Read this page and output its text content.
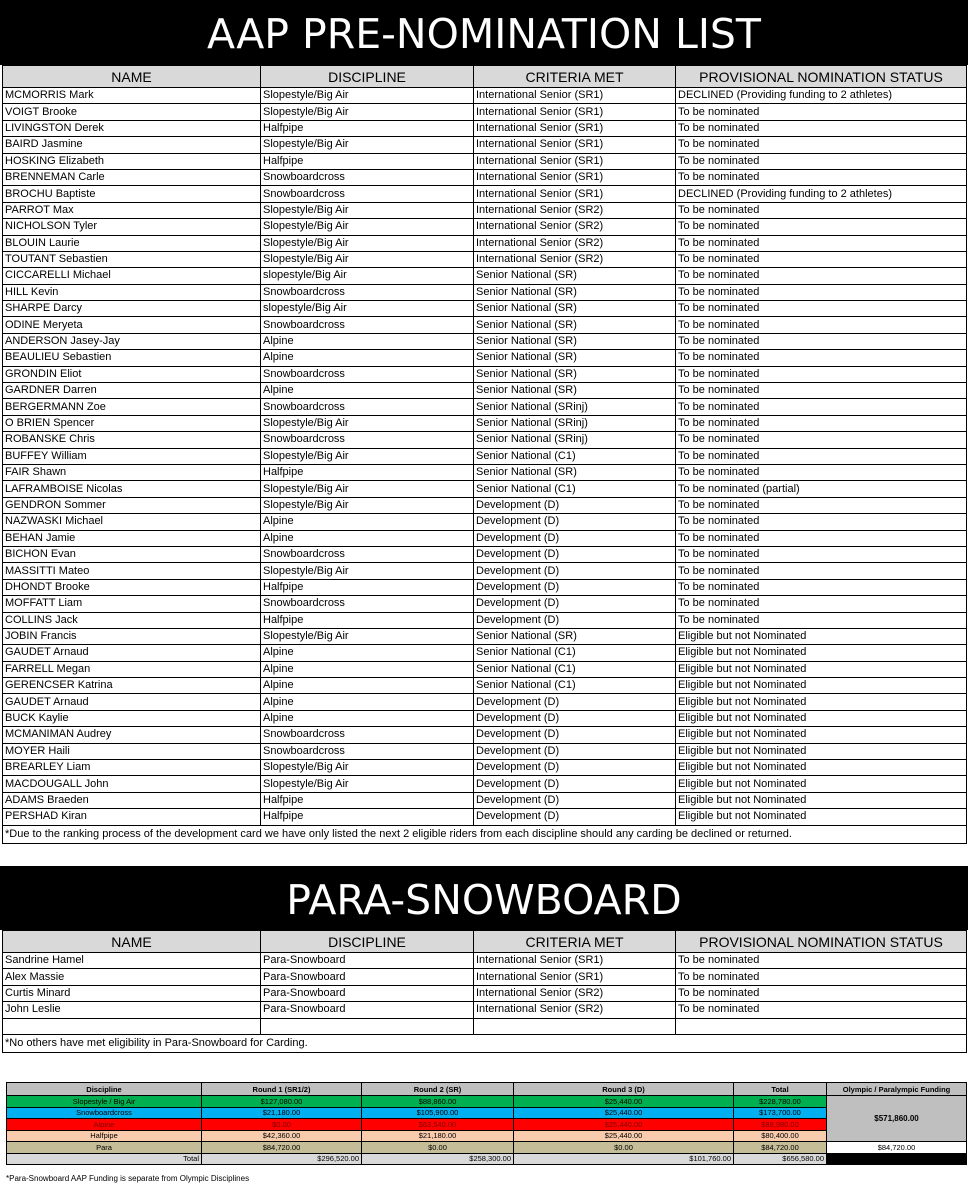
AAP PRE-NOMINATION LIST
NAME	DISCIPLINE	CRITERIA MET	PROVISIONAL NOMINATION STATUS
MCMORRIS Mark	Slopestyle/Big Air	International Senior (SR1)	DECLINED (Providing funding to 2 athletes)
VOIGT Brooke	Slopestyle/Big Air	International Senior (SR1)	To be nominated
LIVINGSTON Derek	Halfpipe	International Senior (SR1)	To be nominated
BAIRD Jasmine	Slopestyle/Big Air	International Senior (SR1)	To be nominated
HOSKING Elizabeth	Halfpipe	International Senior (SR1)	To be nominated
BRENNEMAN Carle	Snowboardcross	International Senior (SR1)	To be nominated
BROCHU Baptiste	Snowboardcross	International Senior (SR1)	DECLINED (Providing funding to 2 athletes)
PARROT Max	Slopestyle/Big Air	International Senior (SR2)	To be nominated
NICHOLSON Tyler	Slopestyle/Big Air	International Senior (SR2)	To be nominated
BLOUIN Laurie	Slopestyle/Big Air	International Senior (SR2)	To be nominated
TOUTANT Sebastien	Slopestyle/Big Air	International Senior (SR2)	To be nominated
CICCARELLI Michael	slopestyle/Big Air	Senior National (SR)	To be nominated
HILL Kevin	Snowboardcross	Senior National (SR)	To be nominated
SHARPE Darcy	slopestyle/Big Air	Senior National (SR)	To be nominated
ODINE Meryeta	Snowboardcross	Senior National (SR)	To be nominated
ANDERSON Jasey-Jay	Alpine	Senior National (SR)	To be nominated
BEAULIEU Sebastien	Alpine	Senior National (SR)	To be nominated
GRONDIN Eliot	Snowboardcross	Senior National (SR)	To be nominated
GARDNER Darren	Alpine	Senior National (SR)	To be nominated
BERGERMANN Zoe	Snowboardcross	Senior National (SRinj)	To be nominated
O BRIEN Spencer	Slopestyle/Big Air	Senior National (SRinj)	To be nominated
ROBANSKE Chris	Snowboardcross	Senior National (SRinj)	To be nominated
BUFFEY William	Slopestyle/Big Air	Senior National (C1)	To be nominated
FAIR Shawn	Halfpipe	Senior National (SR)	To be nominated
LAFRAMBOISE Nicolas	Slopestyle/Big Air	Senior National (C1)	To be nominated (partial)
GENDRON Sommer	Slopestyle/Big Air	Development (D)	To be nominated
NAZWASKI Michael	Alpine	Development (D)	To be nominated
BEHAN Jamie	Alpine	Development (D)	To be nominated
BICHON Evan	Snowboardcross	Development (D)	To be nominated
MASSITTI Mateo	Slopestyle/Big Air	Development (D)	To be nominated
DHONDT Brooke	Halfpipe	Development (D)	To be nominated
MOFFATT Liam	Snowboardcross	Development (D)	To be nominated
COLLINS Jack	Halfpipe	Development (D)	To be nominated
JOBIN Francis	Slopestyle/Big Air	Senior National (SR)	Eligible but not Nominated
GAUDET Arnaud	Alpine	Senior National (C1)	Eligible but not Nominated
FARRELL Megan	Alpine	Senior National (C1)	Eligible but not Nominated
GERENCSER Katrina	Alpine	Senior National (C1)	Eligible but not Nominated
GAUDET Arnaud	Alpine	Development (D)	Eligible but not Nominated
BUCK Kaylie	Alpine	Development (D)	Eligible but not Nominated
MCMANIMAN Audrey	Snowboardcross	Development (D)	Eligible but not Nominated
MOYER Haili	Snowboardcross	Development (D)	Eligible but not Nominated
BREARLEY Liam	Slopestyle/Big Air	Development (D)	Eligible but not Nominated
MACDOUGALL John	Slopestyle/Big Air	Development (D)	Eligible but not Nominated
ADAMS Braeden	Halfpipe	Development (D)	Eligible but not Nominated
PERSHAD Kiran	Halfpipe	Development (D)	Eligible but not Nominated
*Due to the ranking process of the development card we have only listed the next 2 eligible riders from each discipline should any carding be declined or returned.			
PARA-SNOWBOARD
NAME	DISCIPLINE	CRITERIA MET	PROVISIONAL NOMINATION STATUS
Sandrine Hamel	Para-Snowboard	International Senior (SR1)	To be nominated
Alex Massie	Para-Snowboard	International Senior (SR1)	To be nominated
Curtis Minard	Para-Snowboard	International Senior (SR2)	To be nominated
John Leslie	Para-Snowboard	International Senior (SR2)	To be nominated

*No others have met eligibility in Para-Snowboard for Carding.			
Discipline	Round 1 (SR1/2)	Round 2 (SR)	Round 3 (D)	Total	Olympic / Paralympic Funding
Slopestyle / Big Air	$127,080.00	$88,860.00	$25,440.00	$228,780.00	$571,860.00
Snowboardcross	$21,180.00	$105,900.00	$25,440.00	$173,700.00	
Alpine	$0.00	$63,540.00	$25,440.00	$88,980.00	
Halfpipe	$42,360.00	$21,180.00	$25,440.00	$80,400.00	
Para	$84,720.00	$0.00	$0.00	$84,720.00	$84,720.00
Total	$296,520.00	$258,300.00	$101,760.00	$656,580.00	
*Para-Snowboard AAP Funding is separate from Olympic Disciplines
